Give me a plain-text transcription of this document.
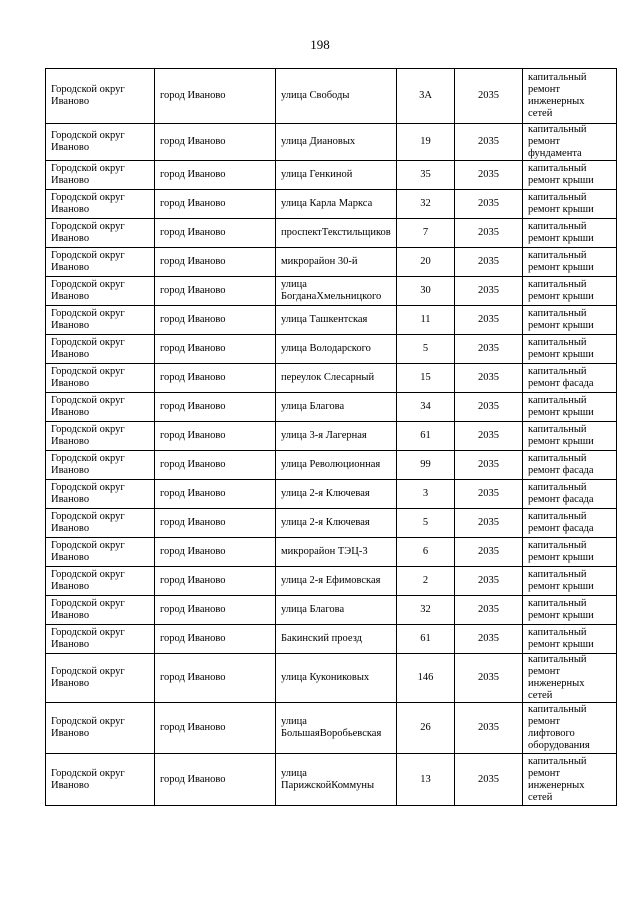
198
Городской округ
Иваново	город Иваново	улица Свободы	3А	2035	капитальный
ремонт
инженерных
сетей

Городской округ
Иваново	город Иваново	улица Диановых	19	2035	капитальный
ремонт
фундамента

Городской округ
Иваново	город Иваново	улица Генкиной	35	2035	капитальный
ремонт крыши

Городской округ
Иваново	город Иваново	улица Карла Маркса	32	2035	капитальный
ремонт крыши

Городской округ
Иваново	город Иваново	проспектТекстильщиков	7	2035	капитальный
ремонт крыши

Городской округ
Иваново	город Иваново	микрорайон 30-й	20	2035	капитальный
ремонт крыши

Городской округ
Иваново	город Иваново	улица БогданаХмельницкого	30	2035	капитальный
ремонт крыши

Городской округ
Иваново	город Иваново	улица Ташкентская	11	2035	капитальный
ремонт крыши

Городской округ
Иваново	город Иваново	улица Володарского	5	2035	капитальный
ремонт крыши

Городской округ
Иваново	город Иваново	переулок Слесарный	15	2035	капитальный
ремонт фасада

Городской округ
Иваново	город Иваново	улица Благова	34	2035	капитальный
ремонт крыши

Городской округ
Иваново	город Иваново	улица 3-я Лагерная	61	2035	капитальный
ремонт крыши

Городской округ
Иваново	город Иваново	улица Революционная	99	2035	капитальный
ремонт фасада

Городской округ
Иваново	город Иваново	улица 2-я Ключевая	3	2035	капитальный
ремонт фасада

Городской округ
Иваново	город Иваново	улица 2-я Ключевая	5	2035	капитальный
ремонт фасада

Городской округ
Иваново	город Иваново	микрорайон ТЭЦ-3	6	2035	капитальный
ремонт крыши

Городской округ
Иваново	город Иваново	улица 2-я Ефимовская	2	2035	капитальный
ремонт крыши

Городской округ
Иваново	город Иваново	улица Благова	32	2035	капитальный
ремонт крыши

Городской округ
Иваново	город Иваново	Бакинский проезд	61	2035	капитальный
ремонт крыши

Городской округ
Иваново	город Иваново	улица Кукониковых	146	2035	капитальный
ремонт
инженерных
сетей

Городской округ
Иваново	город Иваново	улица БольшаяВоробьевская	26	2035	капитальный
ремонт
лифтового
оборудования

Городской округ
Иваново	город Иваново	улица ПарижскойКоммуны	13	2035	капитальный
ремонт
инженерных
сетей
